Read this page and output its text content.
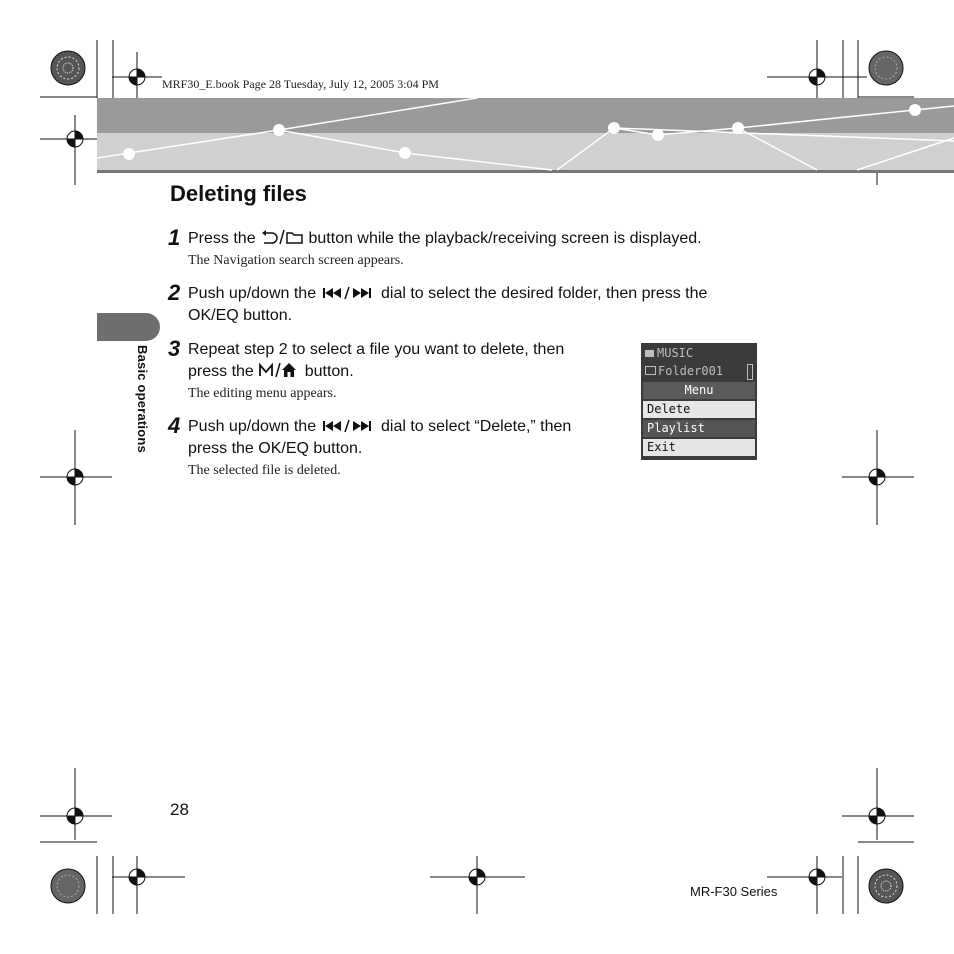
MRF30_E.book Page 28 Tuesday, July 12, 2005 3:04 PM
Deleting files
1 Press the	button while the playback/receiving screen is displayed.
The Navigation search screen appears.
2 Push up/down the	dial to select the desired folder, then press the
OK/EQ button.
Basic operations 3 Repeat step 2 to select a file you want to delete, then
press the	button.
The editing menu appears.
4 Push up/down the	dial to select “Delete,” then
press the OK/EQ button.
The selected file is deleted.
MUSIC
Folder001
Menu
Delete
Playlist
Exit
28
MR-F30 Series
